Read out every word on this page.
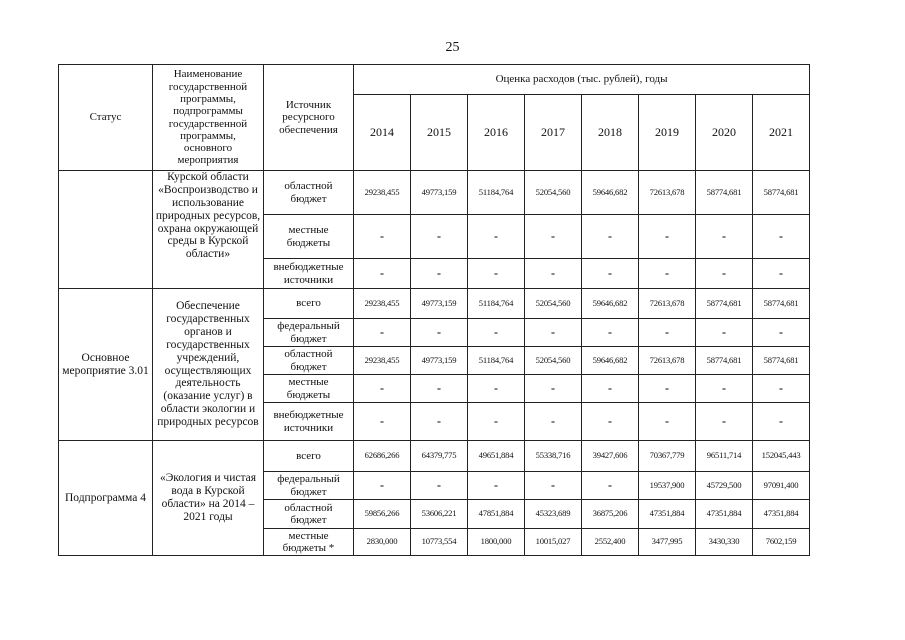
25
Статус	Наименование государственной программы, подпрограммы государственной программы, основного мероприятия	Источник ресурсного обеспечения	Оценка расходов (тыс. рублей), годы							
			2014	2015	2016	2017	2018	2019	2020	2021
	Курской области «Воспроизводство и использование природных ресурсов, охрана окружающей среды в Курской области»	областной бюджет	29238,455	49773,159	51184,764	52054,560	59646,682	72613,678	58774,681	58774,681
		местные бюджеты	-	-	-	-	-	-	-	-
		внебюджетные источники	-	-	-	-	-	-	-	-
Основное мероприятие 3.01	Обеспечение государственных органов и государственных учреждений, осуществляющих деятельность (оказание услуг) в области экологии и природных ресурсов	всего	29238,455	49773,159	51184,764	52054,560	59646,682	72613,678	58774,681	58774,681
		федеральный бюджет	-	-	-	-	-	-	-	-
		областной бюджет	29238,455	49773,159	51184,764	52054,560	59646,682	72613,678	58774,681	58774,681
		местные бюджеты	-	-	-	-	-	-	-	-
		внебюджетные источники	-	-	-	-	-	-	-	-
Подпрограмма 4	«Экология и чистая вода в Курской области» на 2014 – 2021 годы	всего	62686,266	64379,775	49651,884	55338,716	39427,606	70367,779	96511,714	152045,443
		федеральный бюджет	-	-	-	-	-	19537,900	45729,500	97091,400
		областной бюджет	59856,266	53606,221	47851,884	45323,689	36875,206	47351,884	47351,884	47351,884
		местные бюджеты *	2830,000	10773,554	1800,000	10015,027	2552,400	3477,995	3430,330	7602,159
